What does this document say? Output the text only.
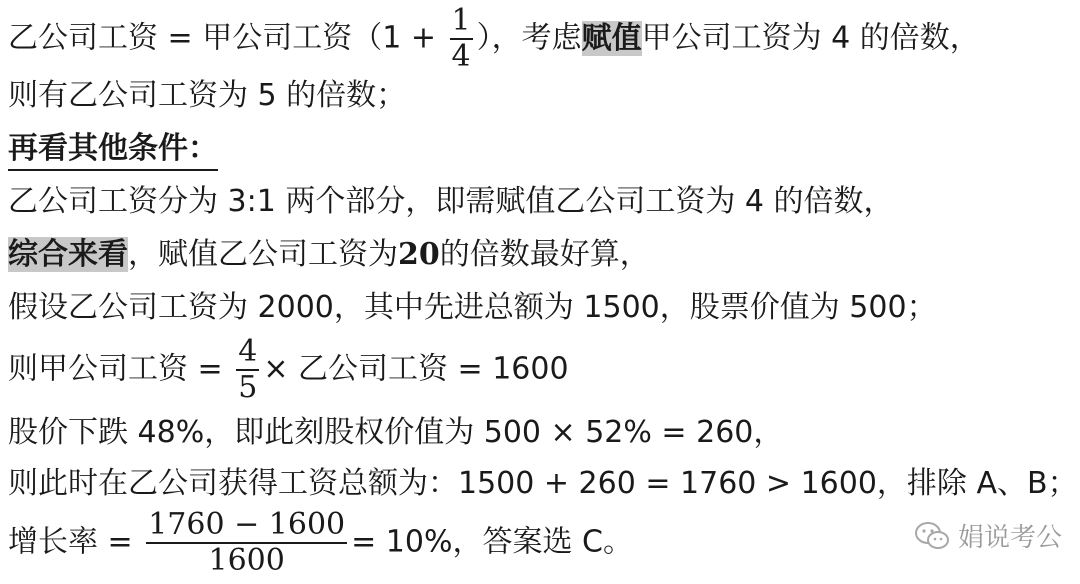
乙公司工资 = 甲公司工资（$1 + \frac{1}{4}$ ），考虑赋值甲公司工资为 4 的倍数，
则有乙公司工资为 5 的倍数；
再看其他条件：
乙公司工资分为 3:1 两个部分，即需赋值乙公司工资为 4 的倍数，
综合来看，赋值乙公司工资为20的倍数最好算，
假设乙公司工资为 2000，其中先进总额为 1500，股票价值为 500；
则甲公司工资 = $\frac{4}{5}$ × 乙公司工资 = 1600
股价下跌 48%，即此刻股权价值为 500 × 52% = 260，
则此时在乙公司获得工资总额为：1500 + 260 = 1760 > 1600，排除 A、B；
增长率 = $\frac{1760 - 1600}{1600} = 10\%$，答案选 C。	娟说考公
